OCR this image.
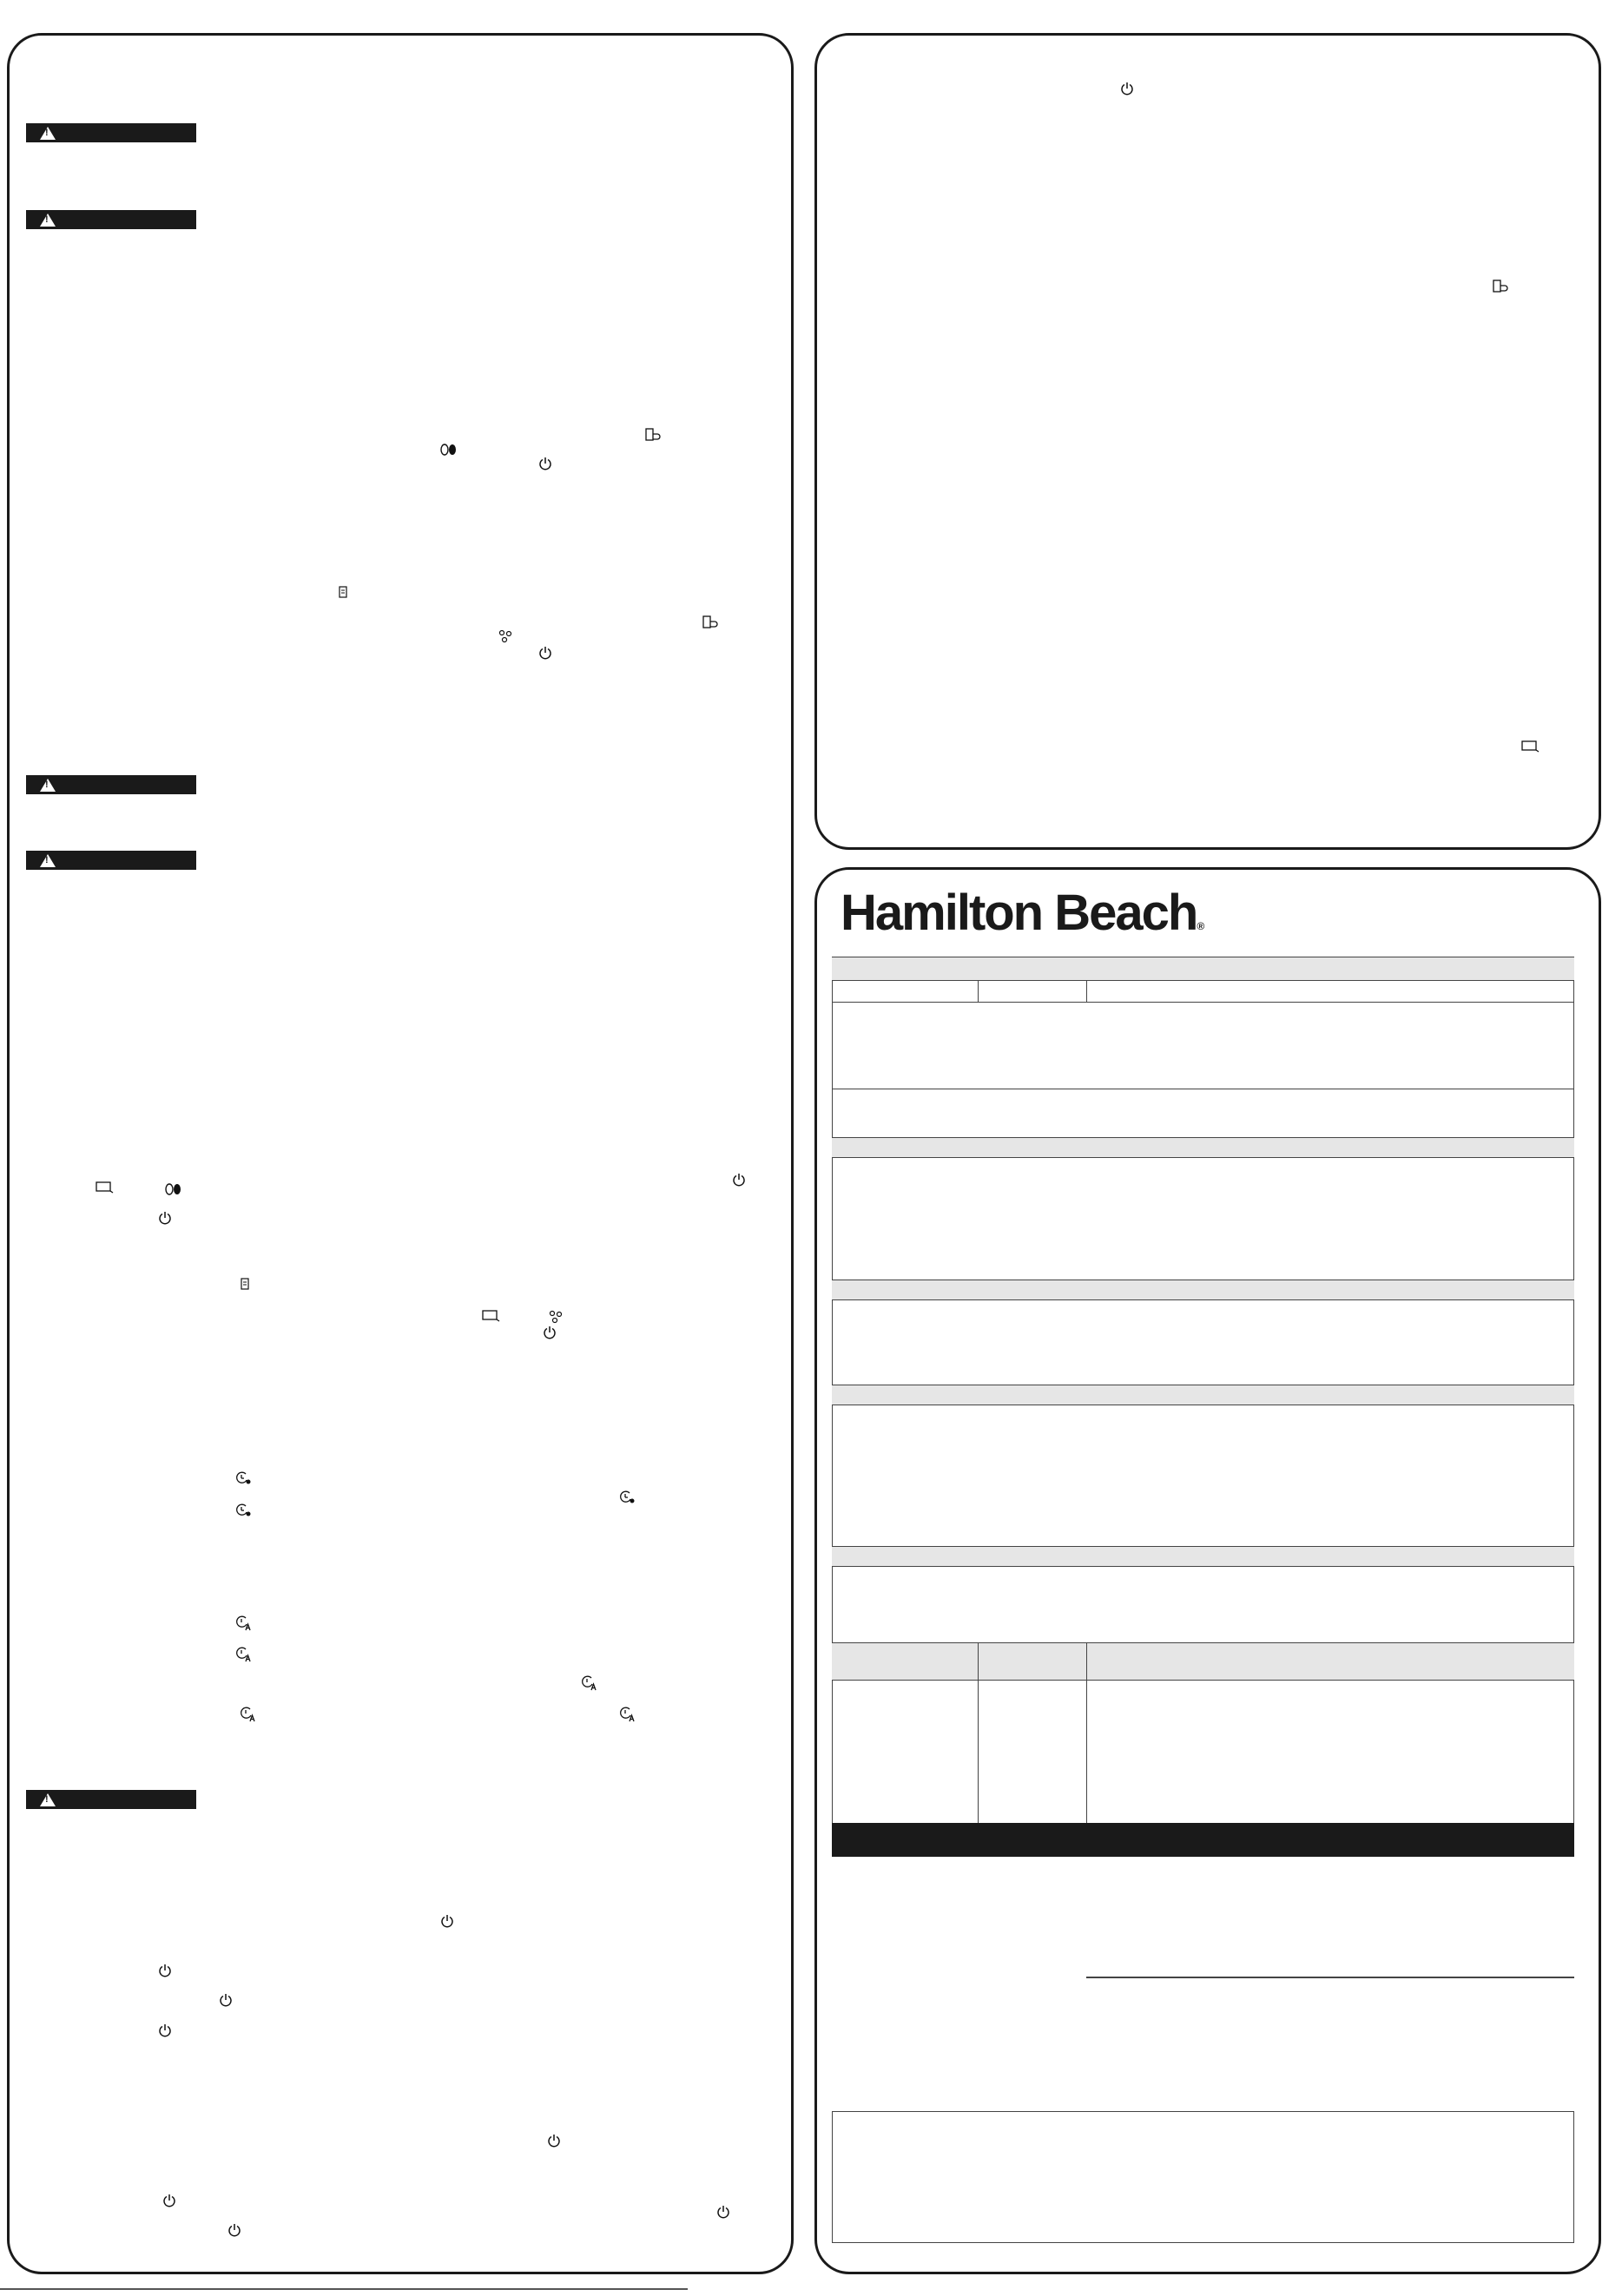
!
!
!
!
!
Hamilton Beach®
